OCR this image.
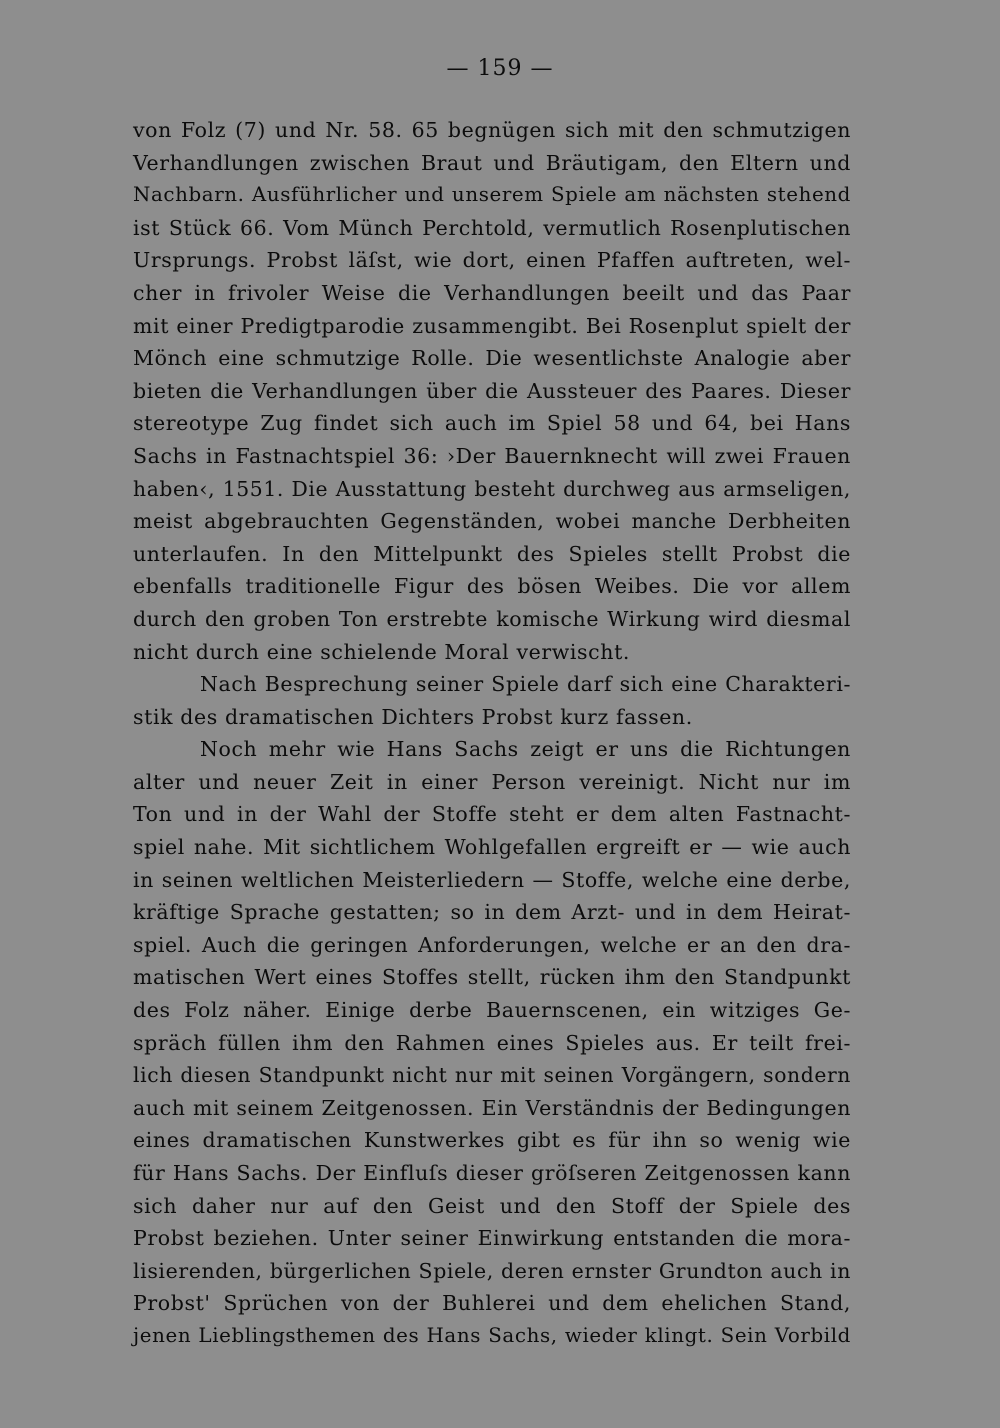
— 159 —
von Folz (7) und Nr. 58. 65 begnügen sich mit den schmutzigen
Verhandlungen zwischen Braut und Bräutigam, den Eltern und
Nachbarn. Ausführlicher und unserem Spiele am nächsten stehend
ist Stück 66. Vom Münch Perchtold, vermutlich Rosenplutischen
Ursprungs. Probst läſst, wie dort, einen Pfaffen auftreten, wel-
cher in frivoler Weise die Verhandlungen beeilt und das Paar
mit einer Predigtparodie zusammengibt. Bei Rosenplut spielt der
Mönch eine schmutzige Rolle. Die wesentlichste Analogie aber
bieten die Verhandlungen über die Aussteuer des Paares. Dieser
stereotype Zug findet sich auch im Spiel 58 und 64, bei Hans
Sachs in Fastnachtspiel 36: ›Der Bauernknecht will zwei Frauen
haben‹, 1551. Die Ausstattung besteht durchweg aus armseligen,
meist abgebrauchten Gegenständen, wobei manche Derbheiten
unterlaufen. In den Mittelpunkt des Spieles stellt Probst die
ebenfalls traditionelle Figur des bösen Weibes. Die vor allem
durch den groben Ton erstrebte komische Wirkung wird diesmal
nicht durch eine schielende Moral verwischt.
Nach Besprechung seiner Spiele darf sich eine Charakteri-
stik des dramatischen Dichters Probst kurz fassen.
Noch mehr wie Hans Sachs zeigt er uns die Richtungen
alter und neuer Zeit in einer Person vereinigt. Nicht nur im
Ton und in der Wahl der Stoffe steht er dem alten Fastnacht-
spiel nahe. Mit sichtlichem Wohlgefallen ergreift er — wie auch
in seinen weltlichen Meisterliedern — Stoffe, welche eine derbe,
kräftige Sprache gestatten; so in dem Arzt- und in dem Heirat-
spiel. Auch die geringen Anforderungen, welche er an den dra-
matischen Wert eines Stoffes stellt, rücken ihm den Standpunkt
des Folz näher. Einige derbe Bauernscenen, ein witziges Ge-
spräch füllen ihm den Rahmen eines Spieles aus. Er teilt frei-
lich diesen Standpunkt nicht nur mit seinen Vorgängern, sondern
auch mit seinem Zeitgenossen. Ein Verständnis der Bedingungen
eines dramatischen Kunstwerkes gibt es für ihn so wenig wie
für Hans Sachs. Der Einfluſs dieser gröſseren Zeitgenossen kann
sich daher nur auf den Geist und den Stoff der Spiele des
Probst beziehen. Unter seiner Einwirkung entstanden die mora-
lisierenden, bürgerlichen Spiele, deren ernster Grundton auch in
Probst' Sprüchen von der Buhlerei und dem ehelichen Stand,
jenen Lieblingsthemen des Hans Sachs, wieder klingt. Sein Vorbild
